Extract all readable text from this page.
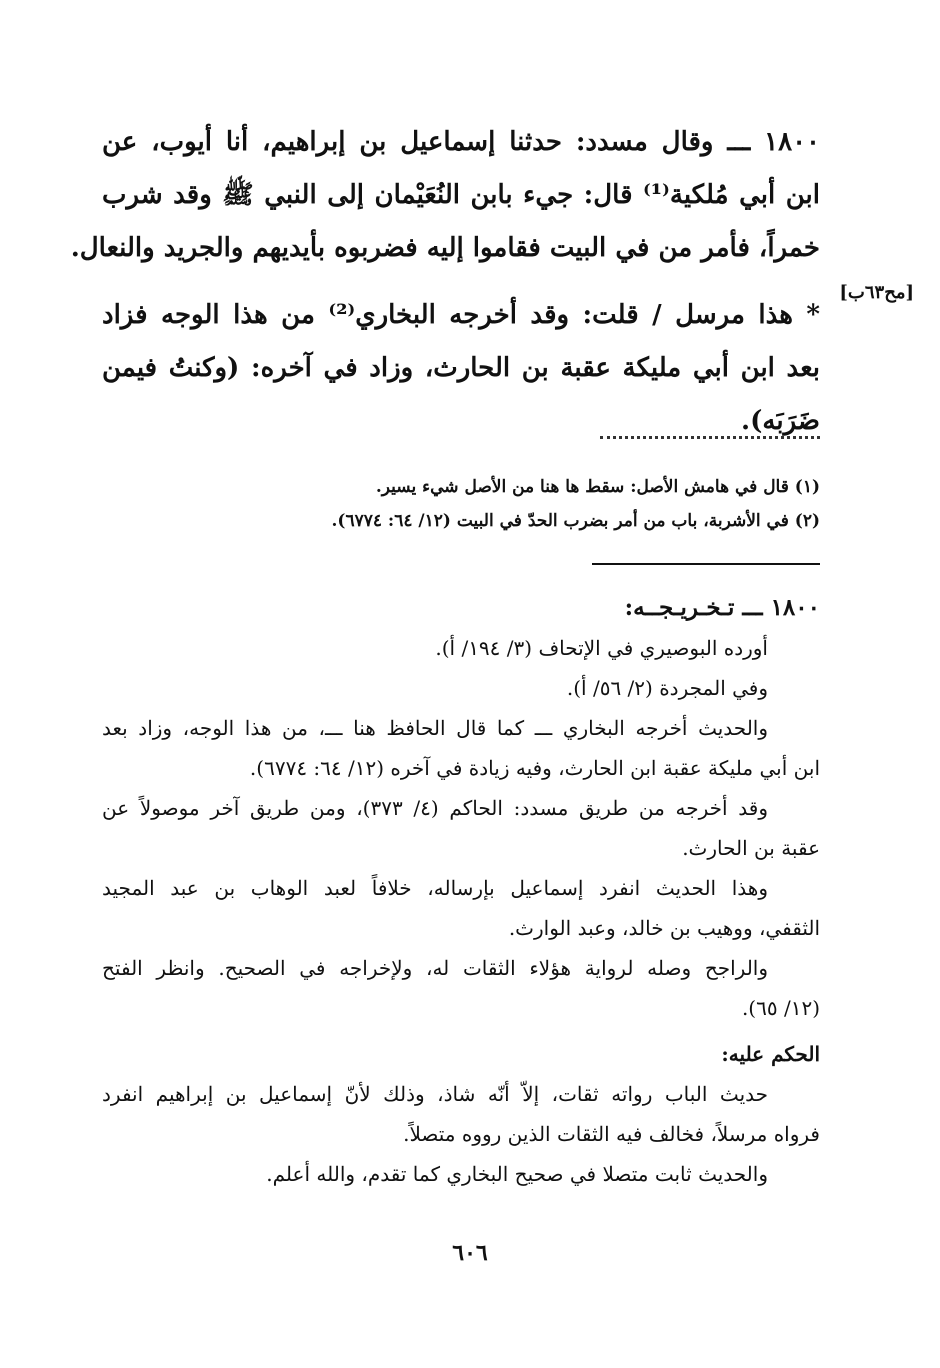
١٨٠٠ ـــ وقال مسدد: حدثنا إسماعيل بن إبراهيم، أنا أيوب، عن
ابن أبي مُلكية⁽¹⁾ قال: جيء بابن النُعَيْمان إلى النبي ﷺ وقد شرب
خمراً، فأمر من في البيت فقاموا إليه فضربوه بأيديهم والجريد والنعال.
* هذا مرسل / قلت: وقد أخرجه البخاري⁽²⁾ من هذا الوجه فزاد
بعد ابن أبي مليكة عقبة بن الحارث، وزاد في آخره: (وكنتُ فيمن
ضَرَبَه).
[مح٦٣ب]
(١) قال في هامش الأصل: سقط ها هنا من الأصل شيء يسير.
(٢) في الأشربة، باب من أمر بضرب الحدّ في البيت (١٢/ ٦٤: ٦٧٧٤).
١٨٠٠ ـــ تـخـريـجــه:
أورده البوصيري في الإتحاف (٣/ ١٩٤/ أ).
وفي المجردة (٢/ ٥٦/ أ).
والحديث أخرجه البخاري ـــ كما قال الحافظ هنا ـــ، من هذا الوجه، وزاد بعد
ابن أبي مليكة عقبة ابن الحارث، وفيه زيادة في آخره (١٢/ ٦٤: ٦٧٧٤).
وقد أخرجه من طريق مسدد: الحاكم (٤/ ٣٧٣)، ومن طريق آخر موصولاً عن
عقبة بن الحارث.
وهذا الحديث انفرد إسماعيل بإرساله، خلافاً لعبد الوهاب بن عبد المجيد
الثقفي، ووهيب بن خالد، وعبد الوارث.
والراجح وصله لرواية هؤلاء الثقات له، ولإخراجه في الصحيح. وانظر الفتح
(١٢/ ٦٥).
الحكم عليه:
حديث الباب رواته ثقات، إلاّ أنّه شاذ، وذلك لأنّ إسماعيل بن إبراهيم انفرد
فرواه مرسلاً، فخالف فيه الثقات الذين رووه متصلاً.
والحديث ثابت متصلا في صحيح البخاري كما تقدم، والله أعلم.
٦٠٦
